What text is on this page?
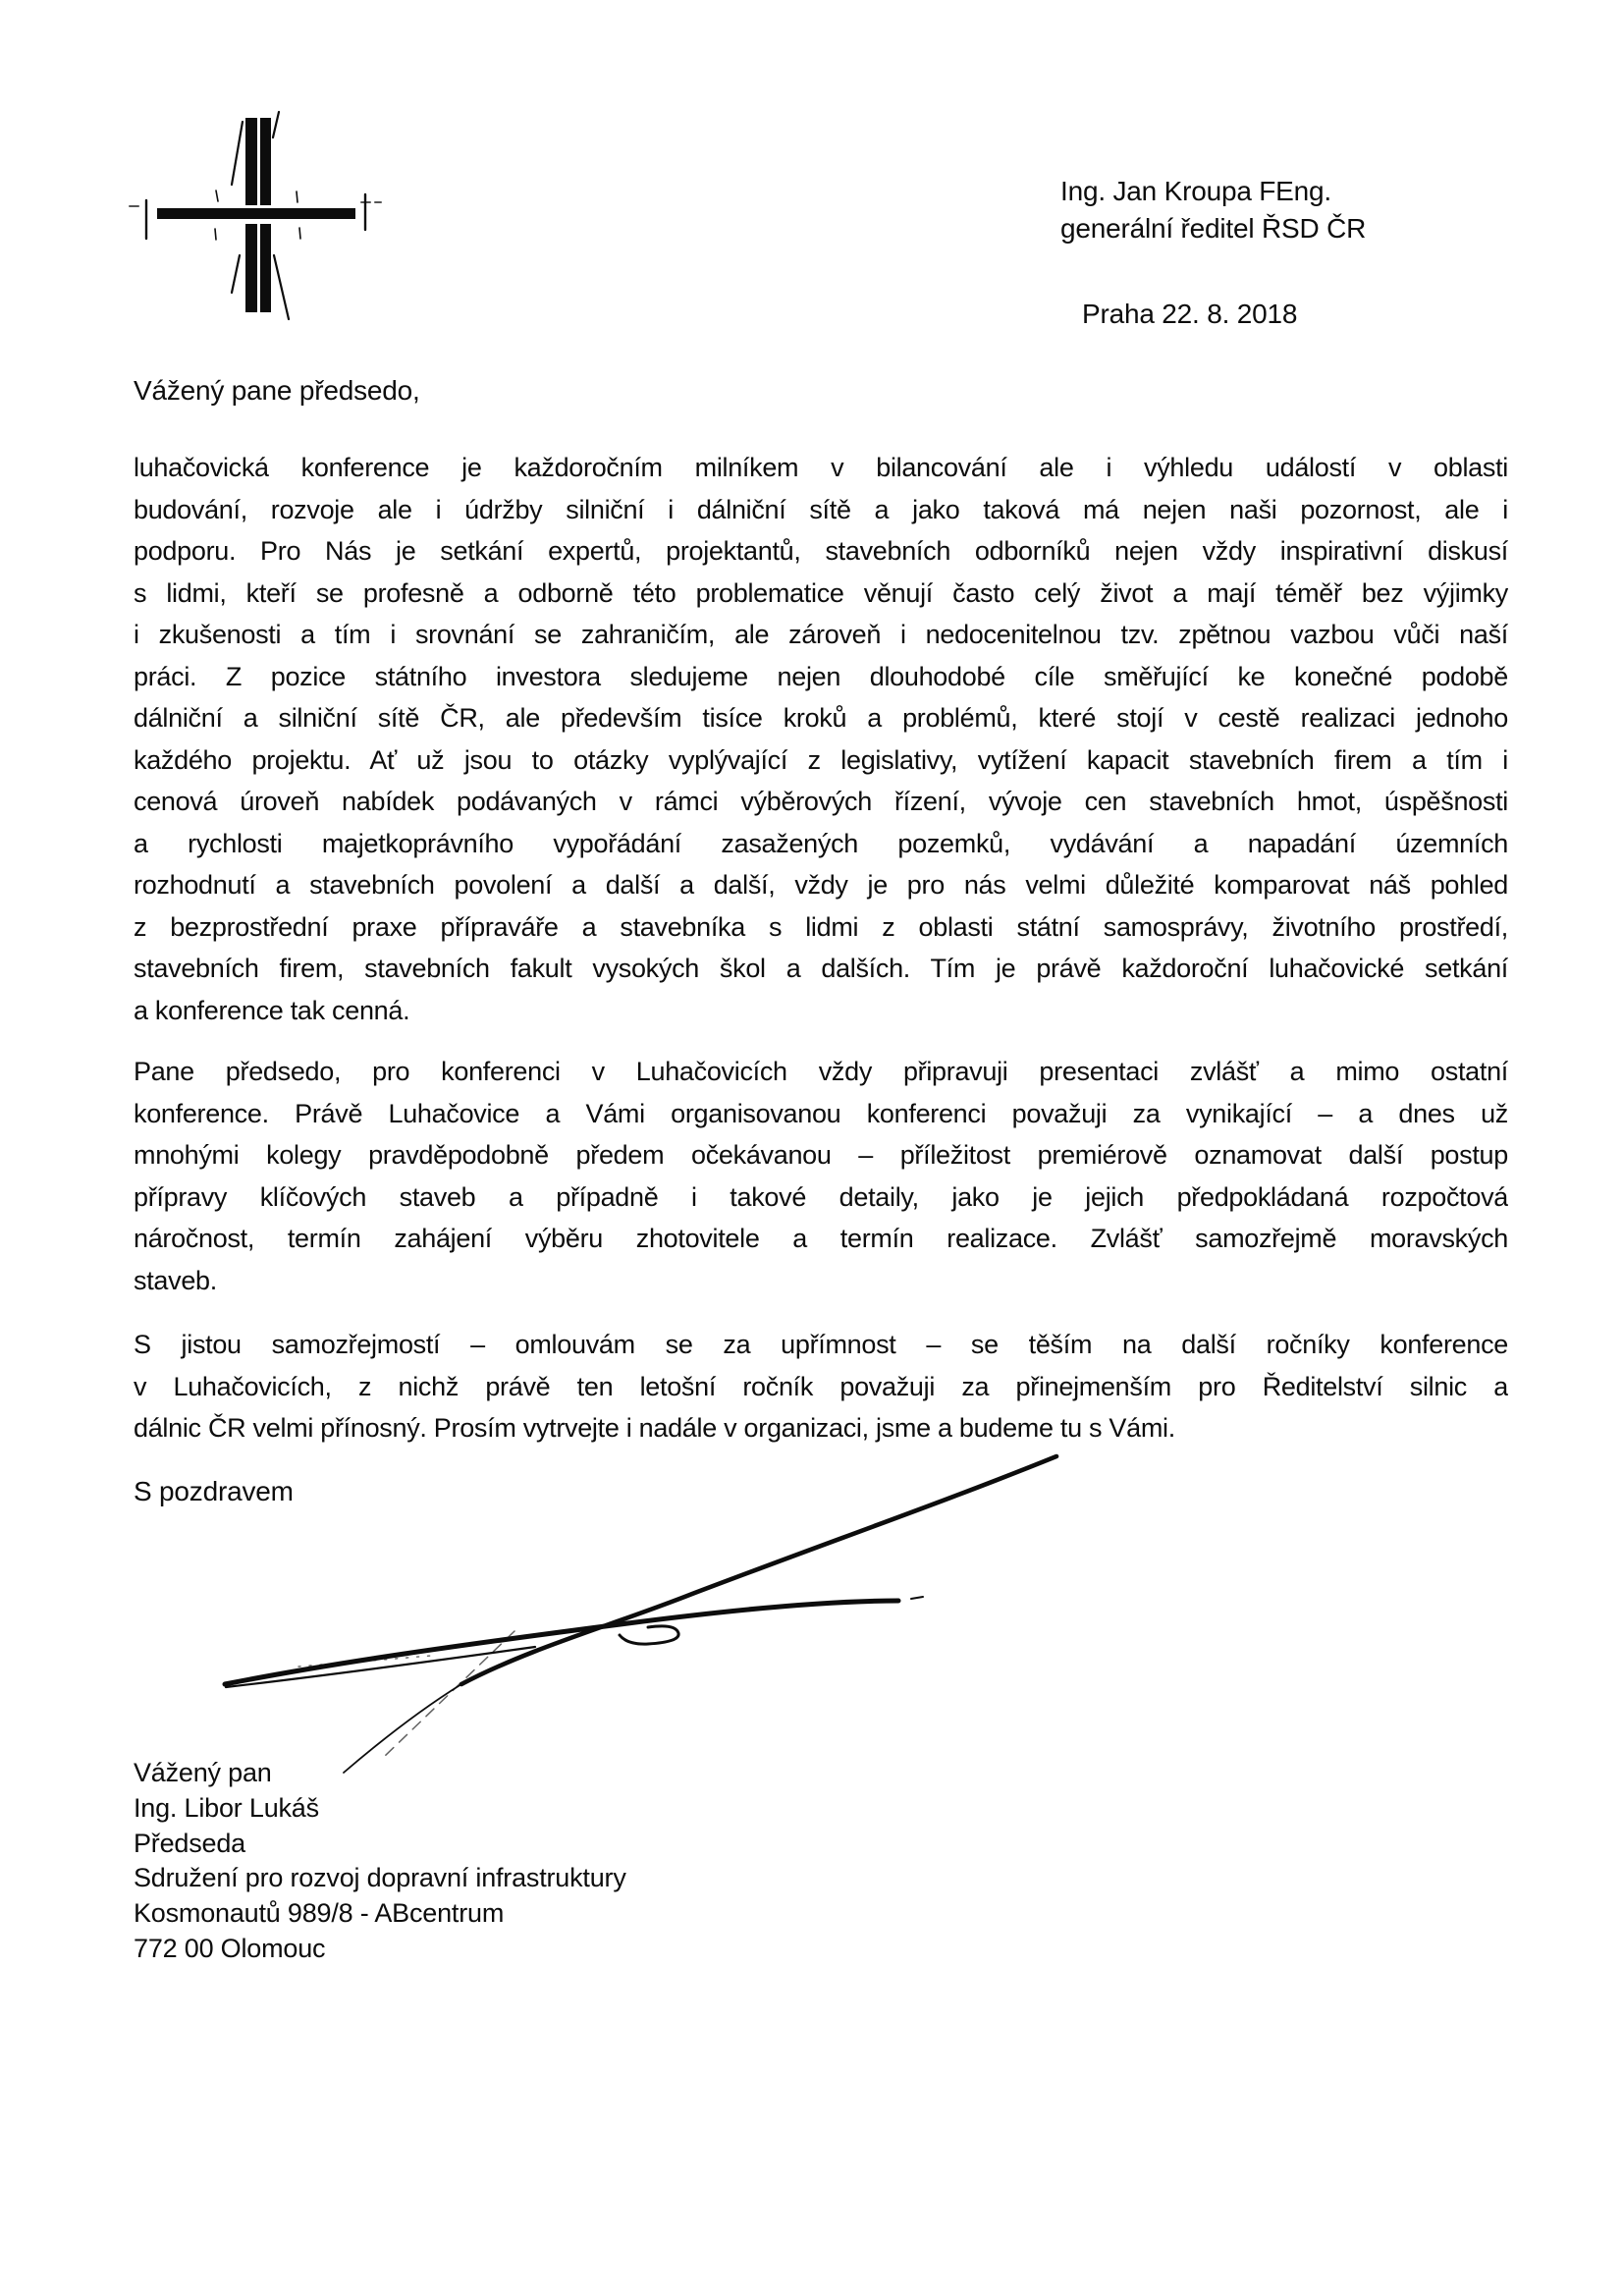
Ing. Jan Kroupa FEng.
generální ředitel ŘSD ČR
Praha 22. 8. 2018
Vážený pane předsedo,
luhačovická konference je každoročním milníkem v bilancování ale i výhledu událostí v oblasti
budování, rozvoje ale i údržby silniční i dálniční sítě a jako taková má nejen naši pozornost, ale i
podporu. Pro Nás je setkání expertů, projektantů, stavebních odborníků nejen vždy inspirativní diskusí
s lidmi, kteří se profesně a odborně této problematice věnují často celý život a mají téměř bez výjimky
i zkušenosti a tím i srovnání se zahraničím, ale zároveň i nedocenitelnou tzv. zpětnou vazbou vůči naší
práci. Z pozice státního investora sledujeme nejen dlouhodobé cíle směřující ke konečné podobě
dálniční a silniční sítě ČR, ale především tisíce kroků a problémů, které stojí v cestě realizaci jednoho
každého projektu. Ať už jsou to otázky vyplývající z legislativy, vytížení kapacit stavebních firem a tím i
cenová úroveň nabídek podávaných v rámci výběrových řízení, vývoje cen stavebních hmot, úspěšnosti
a rychlosti majetkoprávního vypořádání zasažených pozemků, vydávání a napadání územních
rozhodnutí a stavebních povolení a další a další, vždy je pro nás velmi důležité komparovat náš pohled
z bezprostřední praxe přípraváře a stavebníka s lidmi z oblasti státní samosprávy, životního prostředí,
stavebních firem, stavebních fakult vysokých škol a dalších. Tím je právě každoroční luhačovické setkání
a konference tak cenná.
Pane předsedo, pro konferenci v Luhačovicích vždy připravuji presentaci zvlášť a mimo ostatní
konference. Právě Luhačovice a Vámi organisovanou konferenci považuji za vynikající – a dnes už
mnohými kolegy pravděpodobně předem očekávanou – příležitost premiérově oznamovat další postup
přípravy klíčových staveb a případně i takové detaily, jako je jejich předpokládaná rozpočtová
náročnost, termín zahájení výběru zhotovitele a termín realizace. Zvlášť samozřejmě moravských
staveb.
S jistou samozřejmostí – omlouvám se za upřímnost – se těším na další ročníky konference
v Luhačovicích, z nichž právě ten letošní ročník považuji za přinejmenším pro Ředitelství silnic a
dálnic ČR velmi přínosný. Prosím vytrvejte i nadále v organizaci, jsme a budeme tu s Vámi.
S pozdravem
Vážený pan
Ing. Libor Lukáš
Předseda
Sdružení pro rozvoj dopravní infrastruktury
Kosmonautů 989/8 - ABcentrum
772 00 Olomouc
